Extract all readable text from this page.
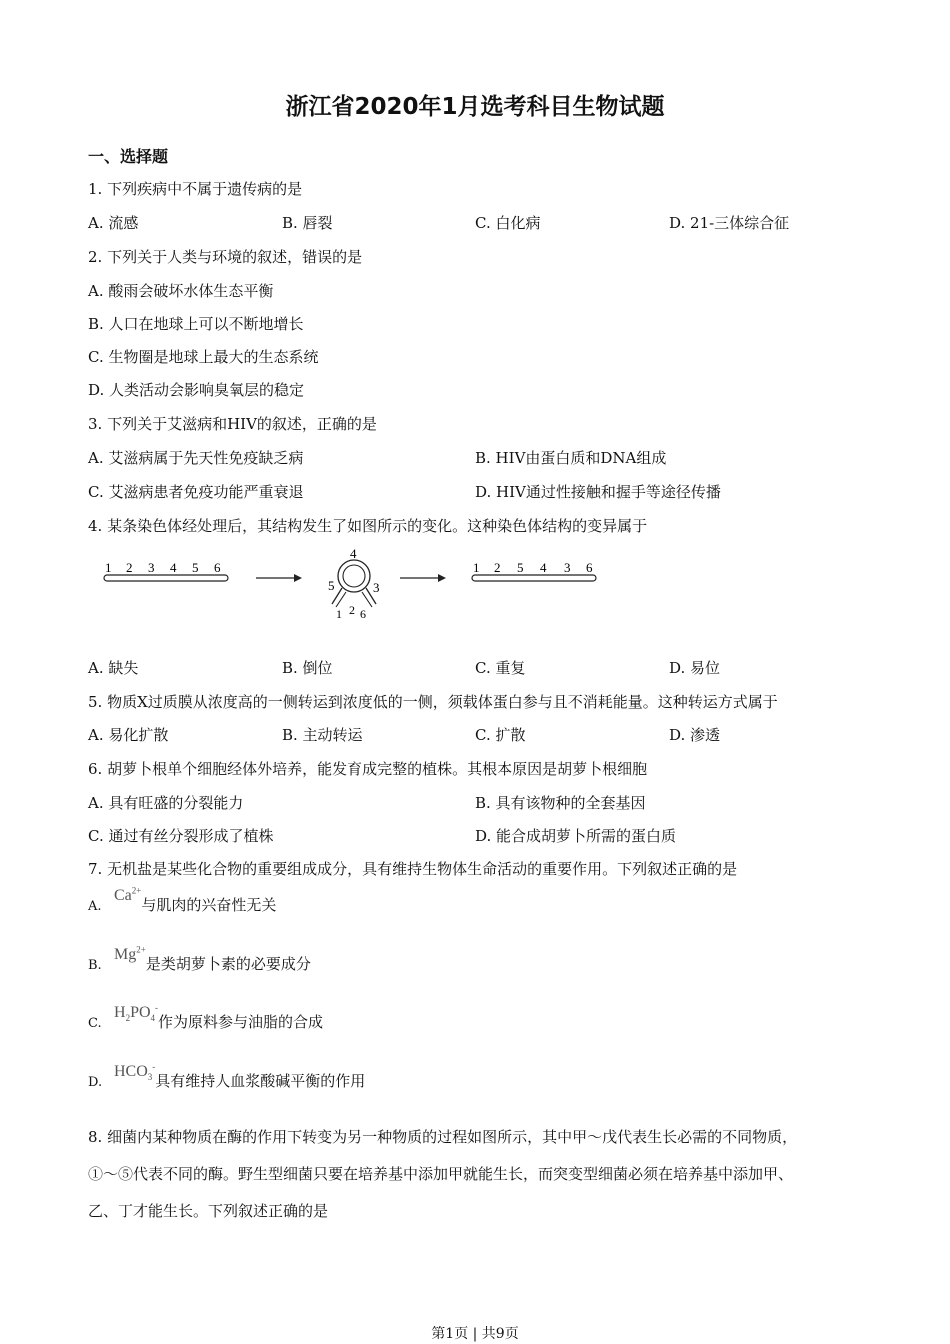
浙江省2020年1月选考科目生物试题
一、选择题
1. 下列疾病中不属于遗传病的是
A. 流感	B. 唇裂	C. 白化病	D. 21-三体综合征
2. 下列关于人类与环境的叙述，错误的是
A. 酸雨会破坏水体生态平衡
B. 人口在地球上可以不断地增长
C. 生物圈是地球上最大的生态系统
D. 人类活动会影响臭氧层的稳定
3. 下列关于艾滋病和HIV的叙述，正确的是
A. 艾滋病属于先天性免疫缺乏病	B. HIV由蛋白质和DNA组成
C. 艾滋病患者免疫功能严重衰退	D. HIV通过性接触和握手等途径传播
4. 某条染色体经处理后，其结构发生了如图所示的变化。这种染色体结构的变异属于
1 2 3 4 5 6
4
5	3
1 2 6
1 2 5 4 3 6
A. 缺失	B. 倒位	C. 重复	D. 易位
5. 物质X过质膜从浓度高的一侧转运到浓度低的一侧，须载体蛋白参与且不消耗能量。这种转运方式属于
A. 易化扩散	B. 主动转运	C. 扩散	D. 渗透
6. 胡萝卜根单个细胞经体外培养，能发育成完整的植株。其根本原因是胡萝卜根细胞
A. 具有旺盛的分裂能力	B. 具有该物种的全套基因
C. 通过有丝分裂形成了植株	D. 能合成胡萝卜所需的蛋白质
7. 无机盐是某些化合物的重要组成成分，具有维持生物体生命活动的重要作用。下列叙述正确的是
$A.Ca^{2+}$与肌肉的兴奋性无关
$B.Mg^{2+}$是类胡萝卜素的必要成分
$C.H_2PO_4^-$作为原料参与油脂的合成
$D.HCO_3^-$具有维持人血浆酸碱平衡的作用
8. 细菌内某种物质在酶的作用下转变为另一种物质的过程如图所示，其中甲～戊代表生长必需的不同物质，
①～⑤代表不同的酶。野生型细菌只要在培养基中添加甲就能生长，而突变型细菌必须在培养基中添加甲、
乙、丁才能生长。下列叙述正确的是
第1页 | 共9页
